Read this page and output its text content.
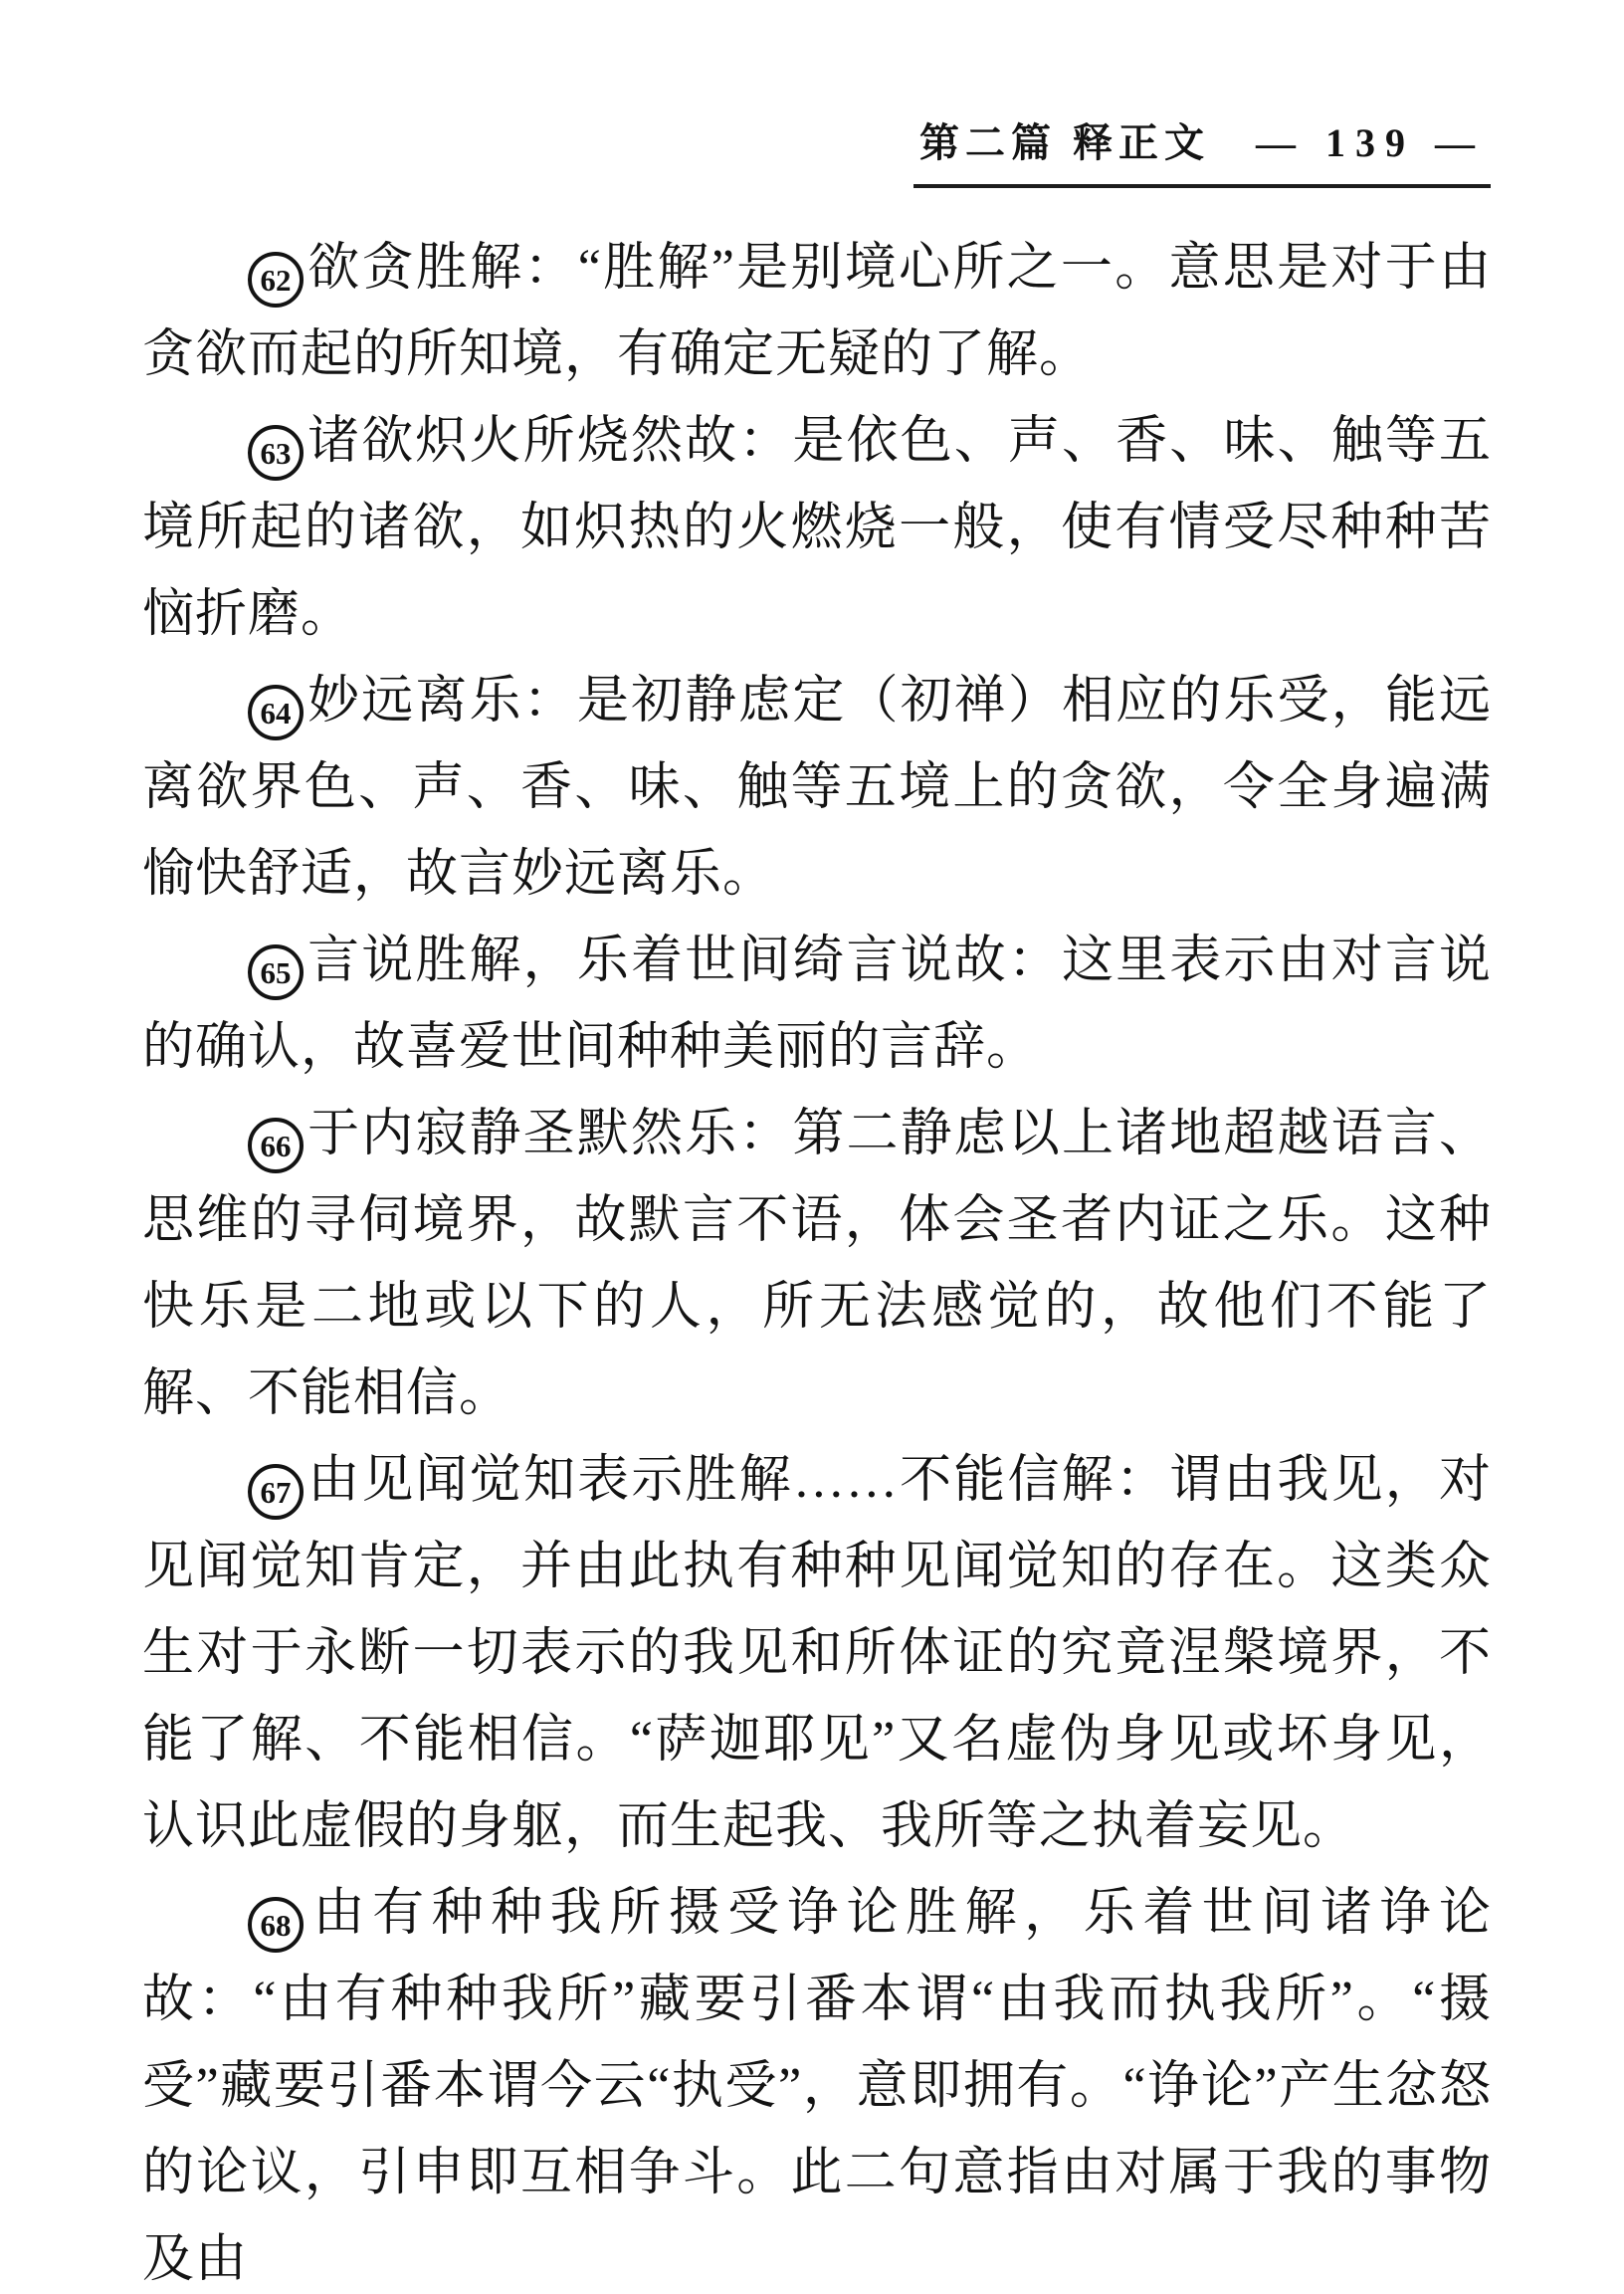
第二篇 释正文 — 139 —

62 欲贪胜解：“胜解”是别境心所之一。意思是对于由贪欲而起的所知境，有确定无疑的了解。

63 诸欲炽火所烧然故：是依色、声、香、味、触等五境所起的诸欲，如炽热的火燃烧一般，使有情受尽种种苦恼折磨。

64 妙远离乐：是初静虑定（初禅）相应的乐受，能远离欲界色、声、香、味、触等五境上的贪欲，令全身遍满愉快舒适，故言妙远离乐。

65 言说胜解，乐着世间绮言说故：这里表示由对言说的确认，故喜爱世间种种美丽的言辞。

66 于内寂静圣默然乐：第二静虑以上诸地超越语言、思维的寻伺境界，故默言不语，体会圣者内证之乐。这种快乐是二地或以下的人，所无法感觉的，故他们不能了解、不能相信。

67 由见闻觉知表示胜解……不能信解：谓由我见，对见闻觉知肯定，并由此执有种种见闻觉知的存在。这类众生对于永断一切表示的我见和所体证的究竟涅槃境界，不能了解、不能相信。“萨迦耶见”又名虚伪身见或坏身见，认识此虚假的身躯，而生起我、我所等之执着妄见。

68 由有种种我所摄受诤论胜解，乐着世间诸诤论故：“由有种种我所”藏要引番本谓“由我而执我所”。“摄受”藏要引番本谓今云“执受”，意即拥有。“诤论”产生忿怒的论议，引申即互相争斗。此二句意指由对属于我的事物及由
